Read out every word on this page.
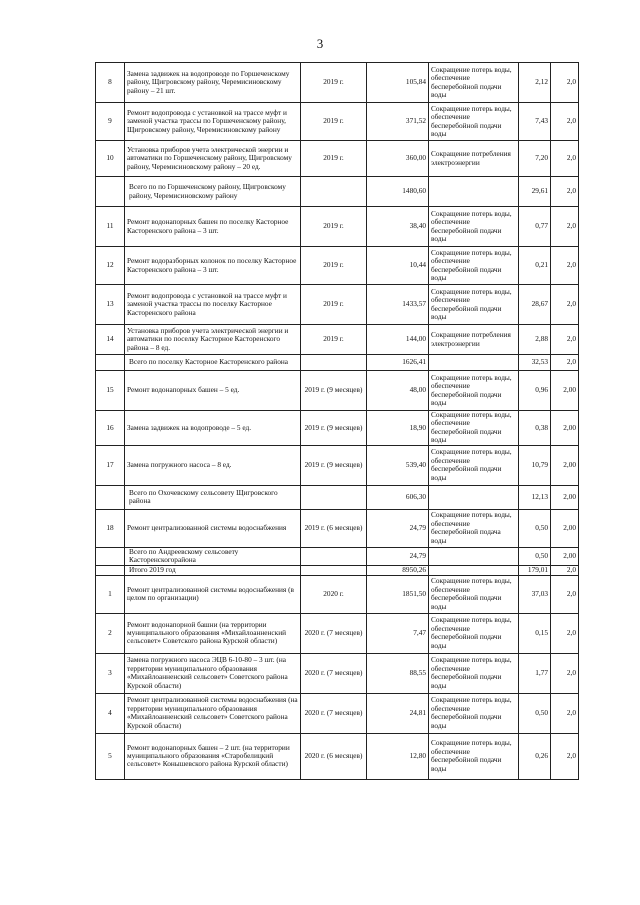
3
8	Замена задвижек на водопроводе по Горшеченскому району, Щигровскому району, Черемисиновскому району – 21 шт.	2019 г.	105,84	Сокращение потерь воды, обеспечение бесперебойной подачи воды	2,12	2,0
9	Ремонт водопровода с установкой на трассе муфт и заменой участка трассы по Горшеченскому району, Щигровскому району, Черемисиновскому району	2019 г.	371,52	Сокращение потерь воды, обеспечение бесперебойной подачи воды	7,43	2,0
10	Установка приборов учета электрической энергии и автоматики по Горшеченскому району, Щигровскому району, Черемисиновскому району – 20 ед.	2019 г.	360,00	Сокращение потребления электроэнергии	7,20	2,0
	Всего по по Горшеченскому району, Щигровскому району, Черемисиновскому району		1480,60		29,61	2,0
11	Ремонт водонапорных башен по поселку Касторное Касторенского района – 3 шт.	2019 г.	38,40	Сокращение потерь воды, обеспечение бесперебойной подачи воды	0,77	2,0
12	Ремонт водоразборных колонок по поселку Касторное Касторенского района – 3 шт.	2019 г.	10,44	Сокращение потерь воды, обеспечение бесперебойной подачи воды	0,21	2,0
13	Ремонт водопровода с установкой на трассе муфт и заменой участка трассы по поселку Касторное Касторенского района	2019 г.	1433,57	Сокращение потерь воды, обеспечение бесперебойной подачи воды	28,67	2,0
14	Установка приборов учета электрической энергии и автоматики по поселку Касторное Касторенского района – 8 ед.	2019 г.	144,00	Сокращение потребления электроэнергии	2,88	2,0
	Всего по поселку Касторное Касторенского района		1626,41		32,53	2,0
15	Ремонт водонапорных башен – 5 ед.	2019 г. (9 месяцев)	48,00	Сокращение потерь воды, обеспечение бесперебойной подачи воды	0,96	2,00
16	Замена задвижек на водопроводе – 5 ед.	2019 г. (9 месяцев)	18,90	Сокращение потерь воды, обеспечение бесперебойной подачи воды	0,38	2,00
17	Замена погружного насоса – 8 ед.	2019 г. (9 месяцев)	539,40	Сокращение потерь воды, обеспечение бесперебойной подачи воды	10,79	2,00
	Всего по Охочевскому сельсовету Щигровского района		606,30		12,13	2,00
18	Ремонт централизованной системы водоснабжения	2019 г. (6 месяцев)	24,79	Сокращение потерь воды, обеспечение бесперебойной подача воды	0,50	2,00
	Всего по Андреевскому сельсовету Касторенскогорайона		24,79		0,50	2,00
	Итого 2019 год		8950,26		179,01	2,0
1	Ремонт централизованной системы водоснабжения (в целом по организации)	2020 г.	1851,50	Сокращение потерь воды, обеспечение бесперебойной подачи воды	37,03	2,0
2	Ремонт водонапорной башни (на территории муниципального образования «Михайлоанненский сельсовет» Советского района Курской области)	2020 г. (7 месяцев)	7,47	Сокращение потерь воды, обеспечение бесперебойной подачи воды	0,15	2,0
3	Замена погружного насоса ЭЦВ 6-10-80 – 3 шт. (на территории муниципального образования «Михайлоанненский сельсовет» Советского района Курской области)	2020 г. (7 месяцев)	88,55	Сокращение потерь воды, обеспечение бесперебойной подачи воды	1,77	2,0
4	Ремонт централизованной системы водоснабжения (на территории муниципального образования «Михайлоанненский сельсовет» Советского района Курской области)	2020 г. (7 месяцев)	24,81	Сокращение потерь воды, обеспечение бесперебойной подачи воды	0,50	2,0
5	Ремонт водонапорных башен – 2 шт. (на территории муниципального образования «Старобелицкий сельсовет» Конышевского района Курской области)	2020 г. (6 месяцев)	12,80	Сокращение потерь воды, обеспечение бесперебойной подачи воды	0,26	2,0
